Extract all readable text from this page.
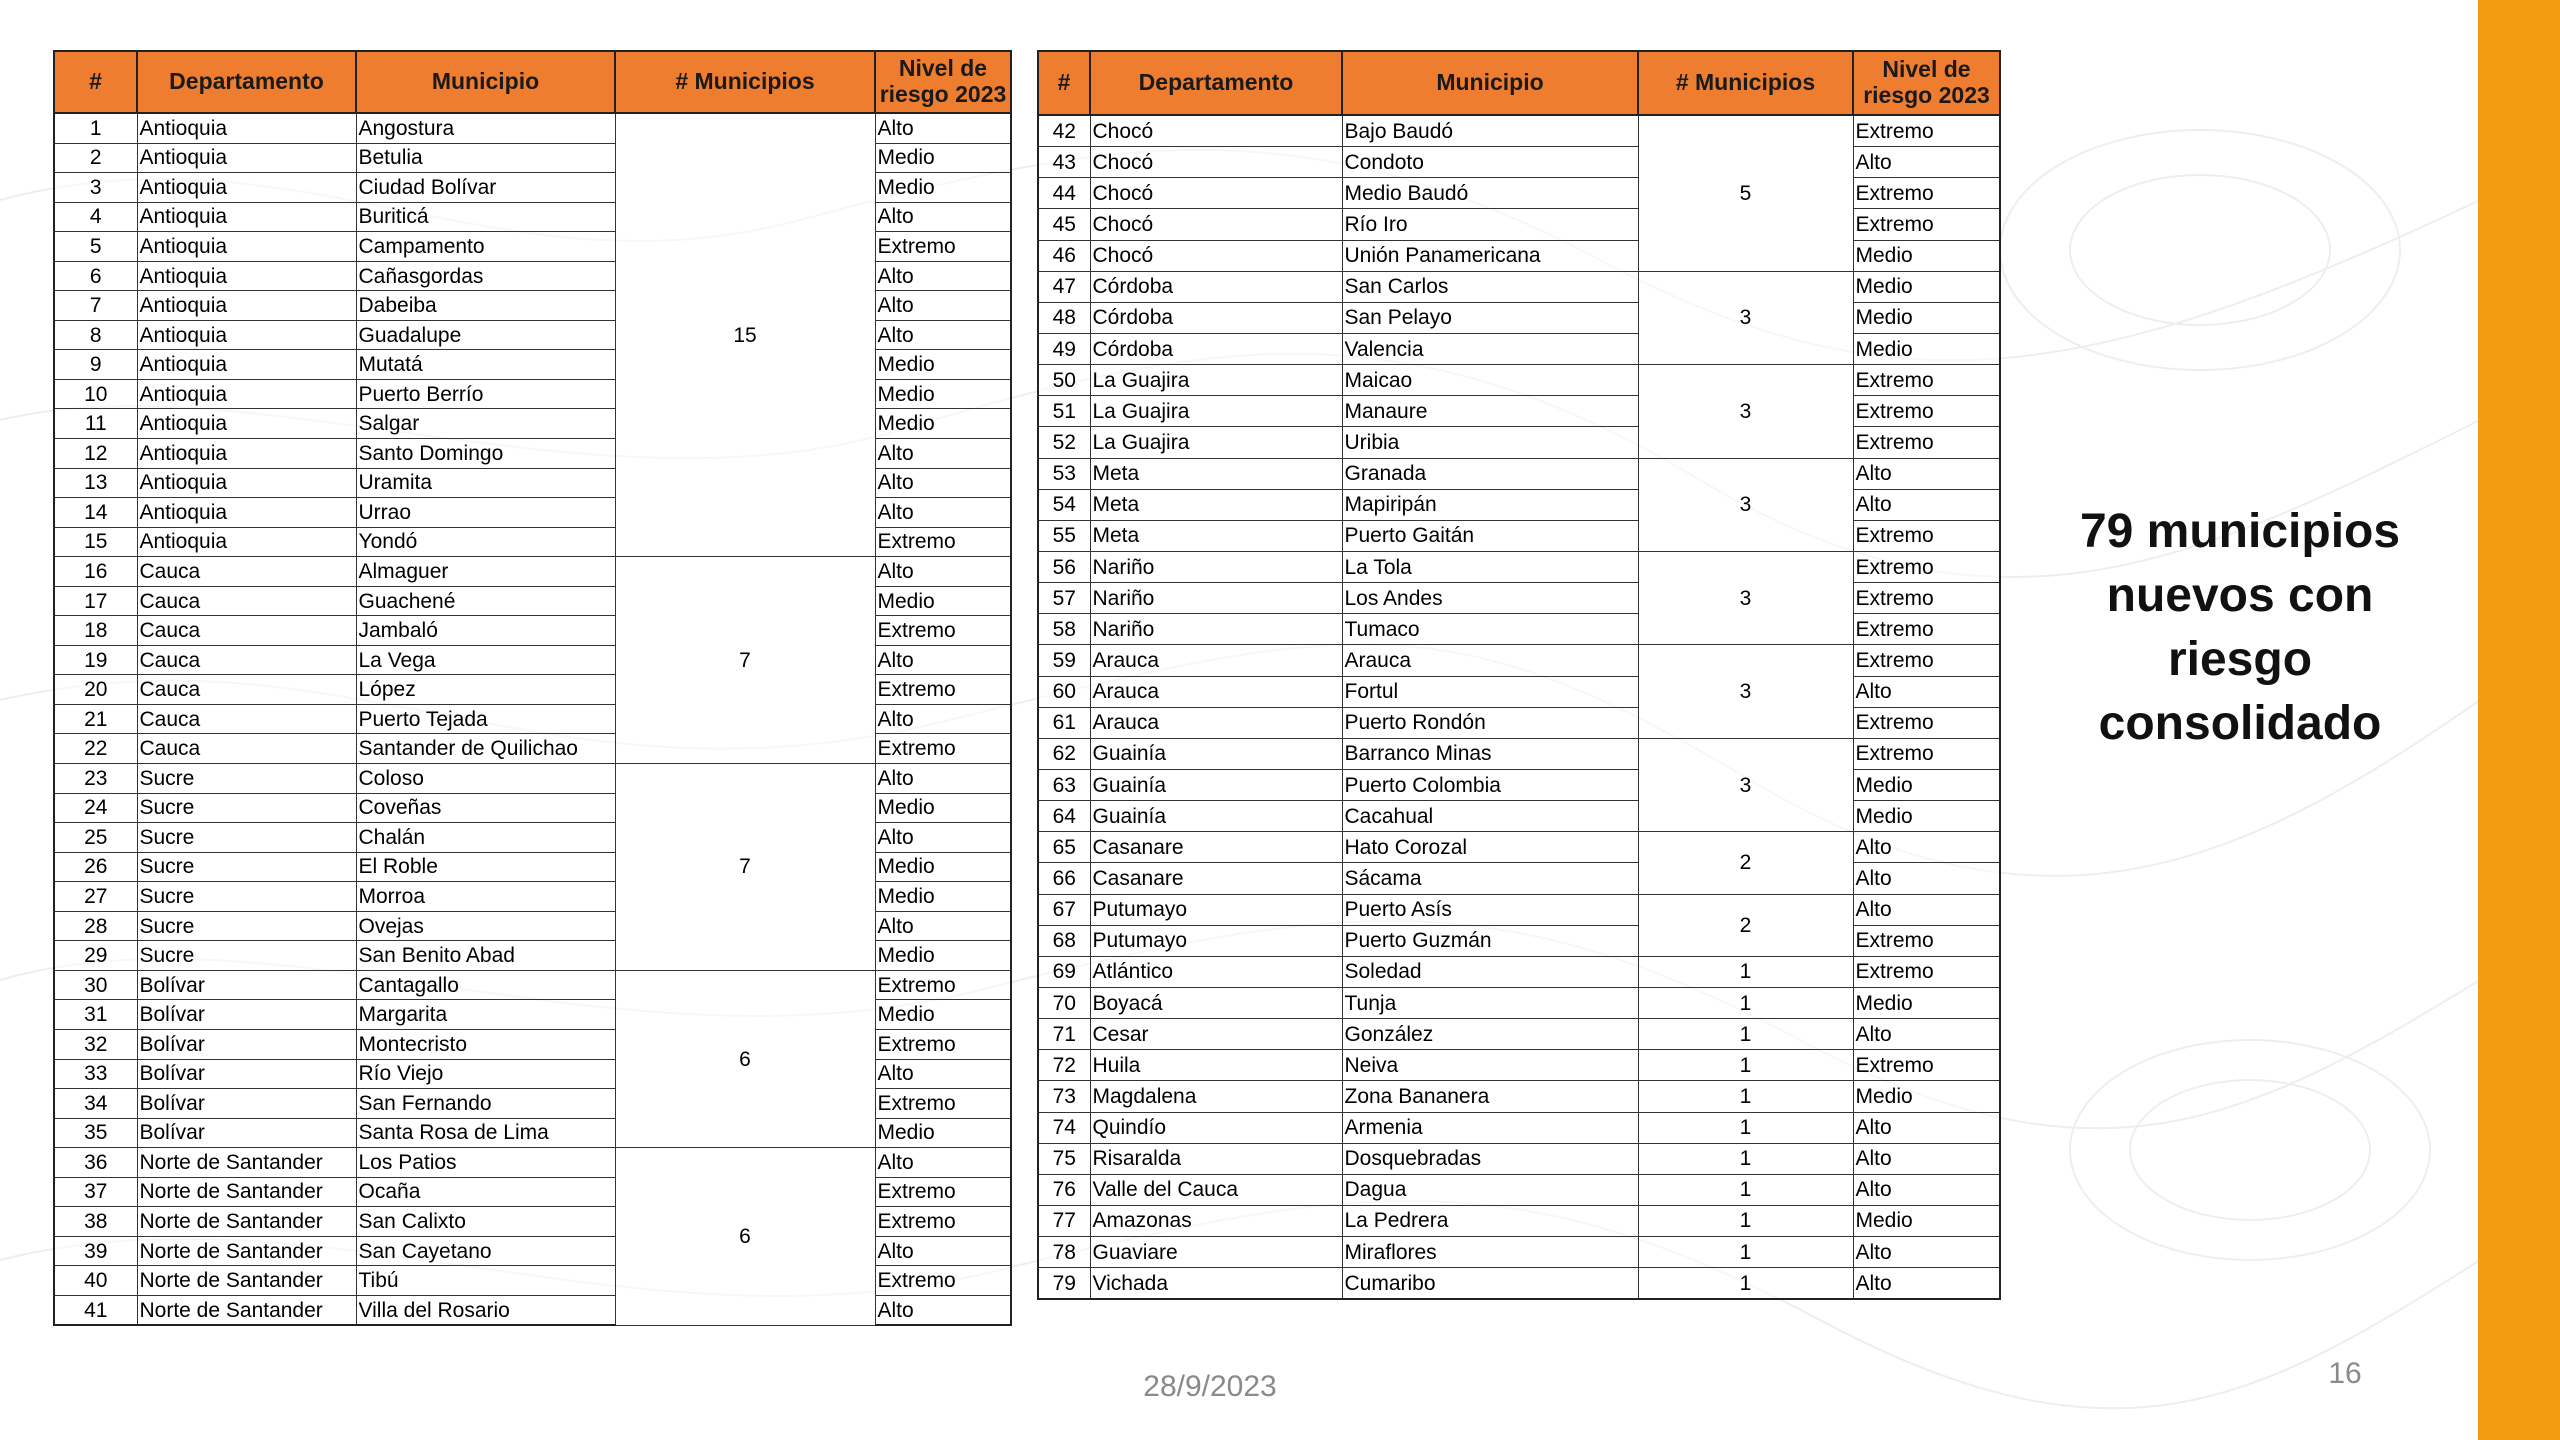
#	Departamento	Municipio	# Municipios	Nivel de riesgo 2023
1	Antioquia	Angostura	15	Alto
2	Antioquia	Betulia		Medio
3	Antioquia	Ciudad Bolívar		Medio
4	Antioquia	Buriticá		Alto
5	Antioquia	Campamento		Extremo
6	Antioquia	Cañasgordas		Alto
7	Antioquia	Dabeiba		Alto
8	Antioquia	Guadalupe		Alto
9	Antioquia	Mutatá		Medio
10	Antioquia	Puerto Berrío		Medio
11	Antioquia	Salgar		Medio
12	Antioquia	Santo Domingo		Alto
13	Antioquia	Uramita		Alto
14	Antioquia	Urrao		Alto
15	Antioquia	Yondó		Extremo
16	Cauca	Almaguer	7	Alto
17	Cauca	Guachené		Medio
18	Cauca	Jambaló		Extremo
19	Cauca	La Vega		Alto
20	Cauca	López		Extremo
21	Cauca	Puerto Tejada		Alto
22	Cauca	Santander de Quilichao		Extremo
23	Sucre	Coloso	7	Alto
24	Sucre	Coveñas		Medio
25	Sucre	Chalán		Alto
26	Sucre	El Roble		Medio
27	Sucre	Morroa		Medio
28	Sucre	Ovejas		Alto
29	Sucre	San Benito Abad		Medio
30	Bolívar	Cantagallo	6	Extremo
31	Bolívar	Margarita		Medio
32	Bolívar	Montecristo		Extremo
33	Bolívar	Río Viejo		Alto
34	Bolívar	San Fernando		Extremo
35	Bolívar	Santa Rosa de Lima		Medio
36	Norte de Santander	Los Patios	6	Alto
37	Norte de Santander	Ocaña		Extremo
38	Norte de Santander	San Calixto		Extremo
39	Norte de Santander	San Cayetano		Alto
40	Norte de Santander	Tibú		Extremo
41	Norte de Santander	Villa del Rosario		Alto
#	Departamento	Municipio	# Municipios	Nivel de riesgo 2023
42	Chocó	Bajo Baudó	5	Extremo
43	Chocó	Condoto		Alto
44	Chocó	Medio Baudó		Extremo
45	Chocó	Río Iro		Extremo
46	Chocó	Unión Panamericana		Medio
47	Córdoba	San Carlos	3	Medio
48	Córdoba	San Pelayo		Medio
49	Córdoba	Valencia		Medio
50	La Guajira	Maicao	3	Extremo
51	La Guajira	Manaure		Extremo
52	La Guajira	Uribia		Extremo
53	Meta	Granada	3	Alto
54	Meta	Mapiripán		Alto
55	Meta	Puerto Gaitán		Extremo
56	Nariño	La Tola	3	Extremo
57	Nariño	Los Andes		Extremo
58	Nariño	Tumaco		Extremo
59	Arauca	Arauca	3	Extremo
60	Arauca	Fortul		Alto
61	Arauca	Puerto Rondón		Extremo
62	Guainía	Barranco Minas	3	Extremo
63	Guainía	Puerto Colombia		Medio
64	Guainía	Cacahual		Medio
65	Casanare	Hato Corozal	2	Alto
66	Casanare	Sácama		Alto
67	Putumayo	Puerto Asís	2	Alto
68	Putumayo	Puerto Guzmán		Extremo
69	Atlántico	Soledad	1	Extremo
70	Boyacá	Tunja	1	Medio
71	Cesar	González	1	Alto
72	Huila	Neiva	1	Extremo
73	Magdalena	Zona Bananera	1	Medio
74	Quindío	Armenia	1	Alto
75	Risaralda	Dosquebradas	1	Alto
76	Valle del Cauca	Dagua	1	Alto
77	Amazonas	La Pedrera	1	Medio
78	Guaviare	Miraflores	1	Alto
79	Vichada	Cumaribo	1	Alto
79 municipios
nuevos con
riesgo
consolidado
28/9/2023	16
